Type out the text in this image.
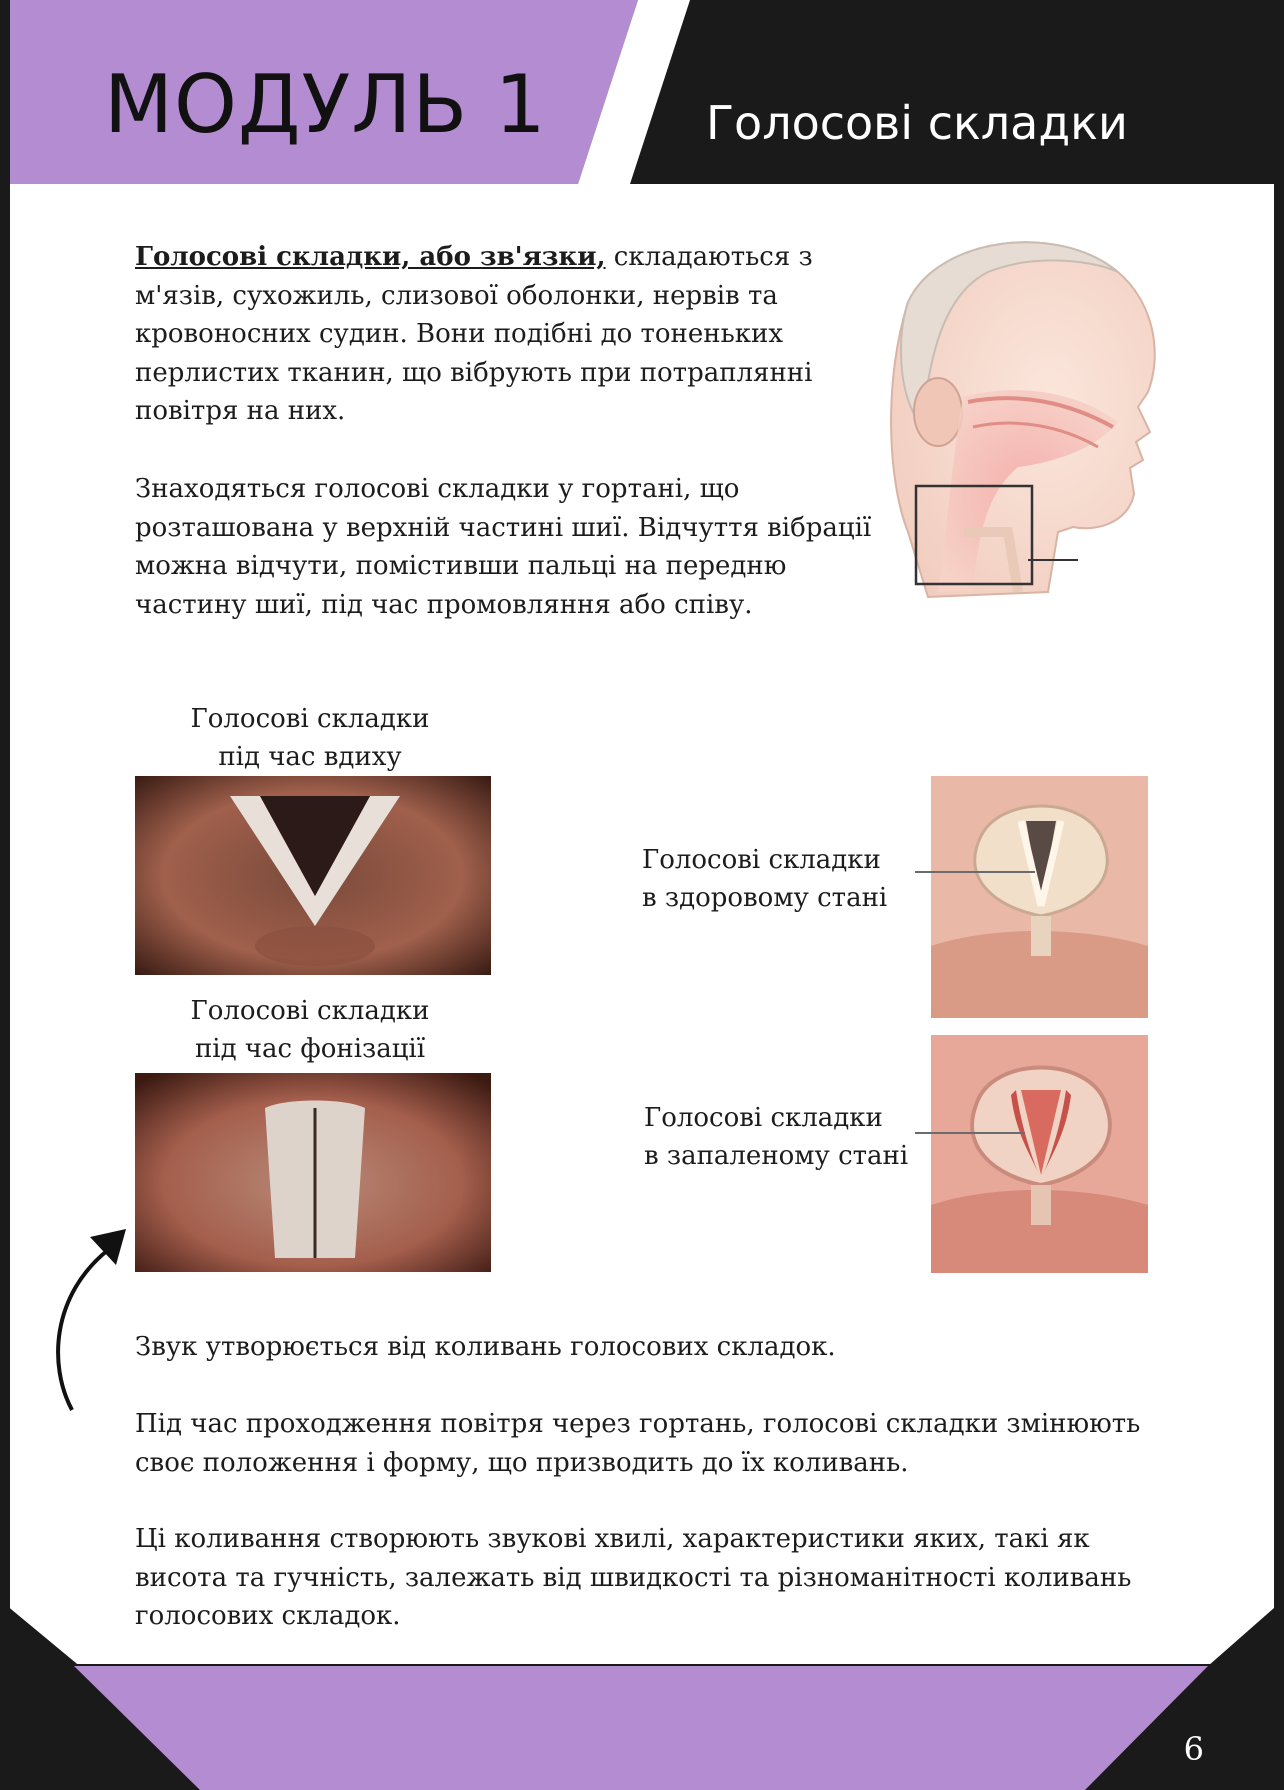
МОДУЛЬ 1	Голосові складки

Голосові складки, або зв'язки, складаються з м'язів, сухожиль, слизової оболонки, нервів та кровоносних судин. Вони подібні до тоненьких перлистих тканин, що вібрують при потраплянні повітря на них.

Знаходяться голосові складки у гортані, що розташована у верхній частині шиї. Відчуття вібрації можна відчути, помістивши пальці на передню частину шиї, під час промовляння або співу.

Голосові складки
під час вдиху
Голосові складки
під час фонізації
Голосові складки
в здоровому стані
Голосові складки
в запаленому стані

Звук утворюється від коливань голосових складок.

Під час проходження повітря через гортань, голосові складки змінюють своє положення і форму, що призводить до їх коливань.

Ці коливання створюють звукові хвилі, характеристики яких, такі як висота та гучність, залежать від швидкості та різноманітності коливань голосових складок.

6
